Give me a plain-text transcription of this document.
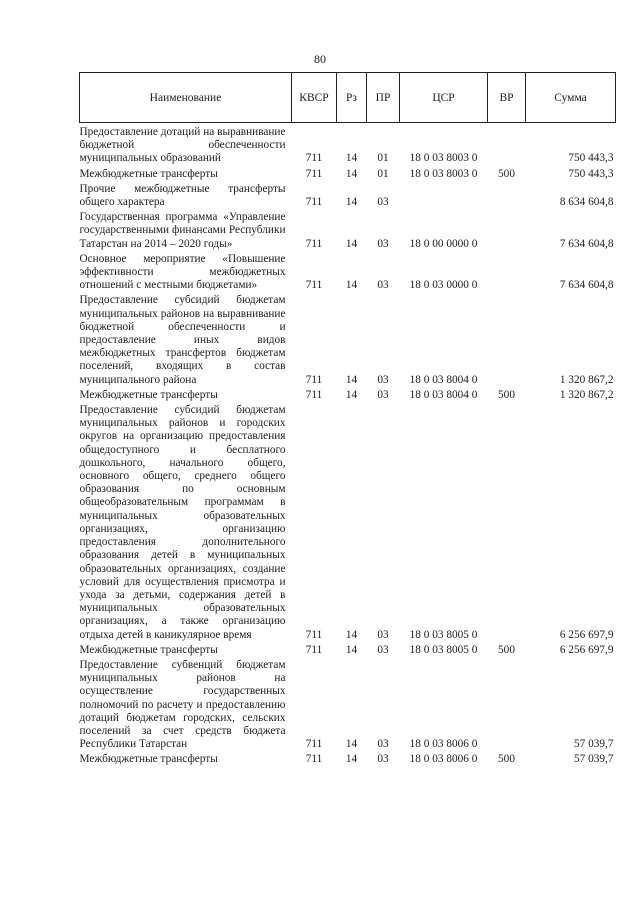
80
Наименование	КВСР	Рз	ПР	ЦСР	ВР	Сумма
Предоставление дотаций на выравнивание бюджетной обеспеченности муниципальных образований	711	14	01	18 0 03 8003 0		750 443,3
Межбюджетные трансферты	711	14	01	18 0 03 8003 0	500	750 443,3
Прочие межбюджетные трансферты общего характера	711	14	03			8 634 604,8
Государственная программа «Управление государственными финансами Республики Татарстан на 2014 – 2020 годы»	711	14	03	18 0 00 0000 0		7 634 604,8
Основное мероприятие «Повышение эффективности межбюджетных отношений с местными бюджетами»	711	14	03	18 0 03 0000 0		7 634 604,8
Предоставление субсидий бюджетам муниципальных районов на выравнивание бюджетной обеспеченности и предоставление иных видов межбюджетных трансфертов бюджетам поселений, входящих в состав муниципального района	711	14	03	18 0 03 8004 0		1 320 867,2
Межбюджетные трансферты	711	14	03	18 0 03 8004 0	500	1 320 867,2
Предоставление субсидий бюджетам муниципальных районов и городских округов на организацию предоставления общедоступного и бесплатного дошкольного, начального общего, основного общего, среднего общего образования по основным общеобразовательным программам в муниципальных образовательных организациях, организацию предоставления дополнительного образования детей в муниципальных образовательных организациях, создание условий для осуществления присмотра и ухода за детьми, содержания детей в муниципальных образовательных организациях, а также организацию отдыха детей в каникулярное время	711	14	03	18 0 03 8005 0		6 256 697,9
Межбюджетные трансферты	711	14	03	18 0 03 8005 0	500	6 256 697,9
Предоставление субвенций бюджетам муниципальных районов на осуществление государственных полномочий по расчету и предоставлению дотаций бюджетам городских, сельских поселений за счет средств бюджета Республики Татарстан	711	14	03	18 0 03 8006 0		57 039,7
Межбюджетные трансферты	711	14	03	18 0 03 8006 0	500	57 039,7
